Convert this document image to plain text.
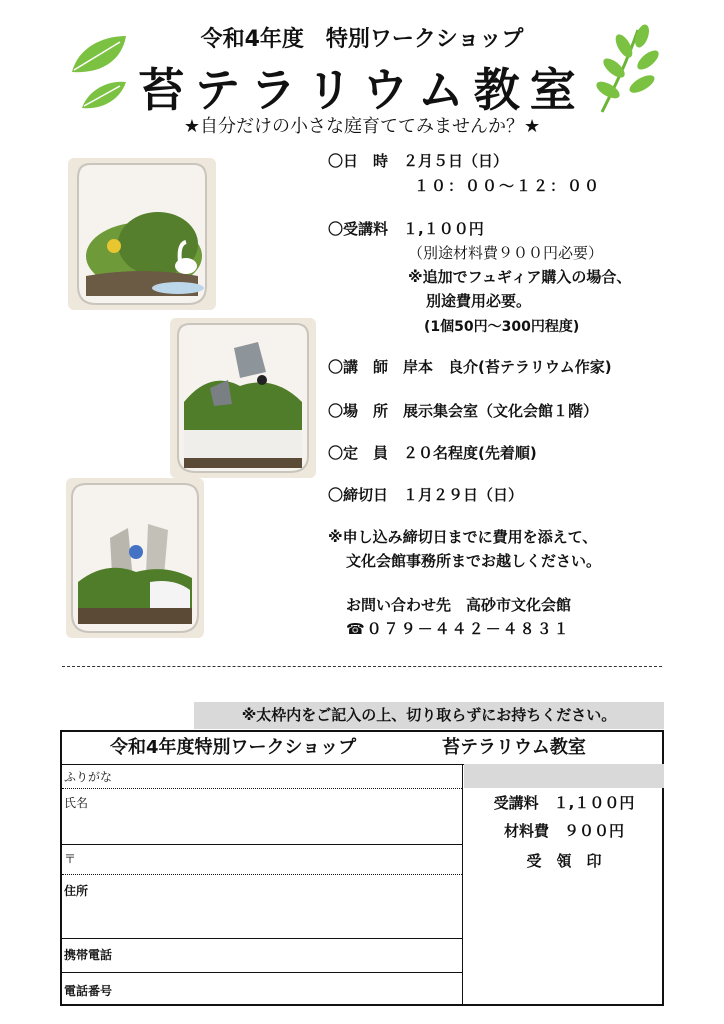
令和4年度　特別ワークショップ
苔テラリウム教室
★自分だけの小さな庭育ててみませんか？★
〇日　時　２月５日（日）
１０：００～１２：００
〇受講料　１,１００円
（別途材料費９００円必要）
※追加でフュギィア購入の場合、
別途費用必要。
(1個50円～300円程度)
〇講　師　岸本　良介(苔テラリウム作家)
〇場　所　展示集会室（文化会館１階）
〇定　員　２０名程度(先着順)
〇締切日　１月２９日（日）
※申し込み締切日までに費用を添えて、
文化会館事務所までお越しください。
お問い合わせ先　高砂市文化会館
☎０７９－４４２－４８３１
※太枠内をご記入の上、切り取らずにお持ちください。
令和4年度特別ワークショップ	苔テラリウム教室
ふりがな
氏名
〒
住所
携帯電話
電話番号
受講料　１,１００円
材料費　９００円
受　領　印
